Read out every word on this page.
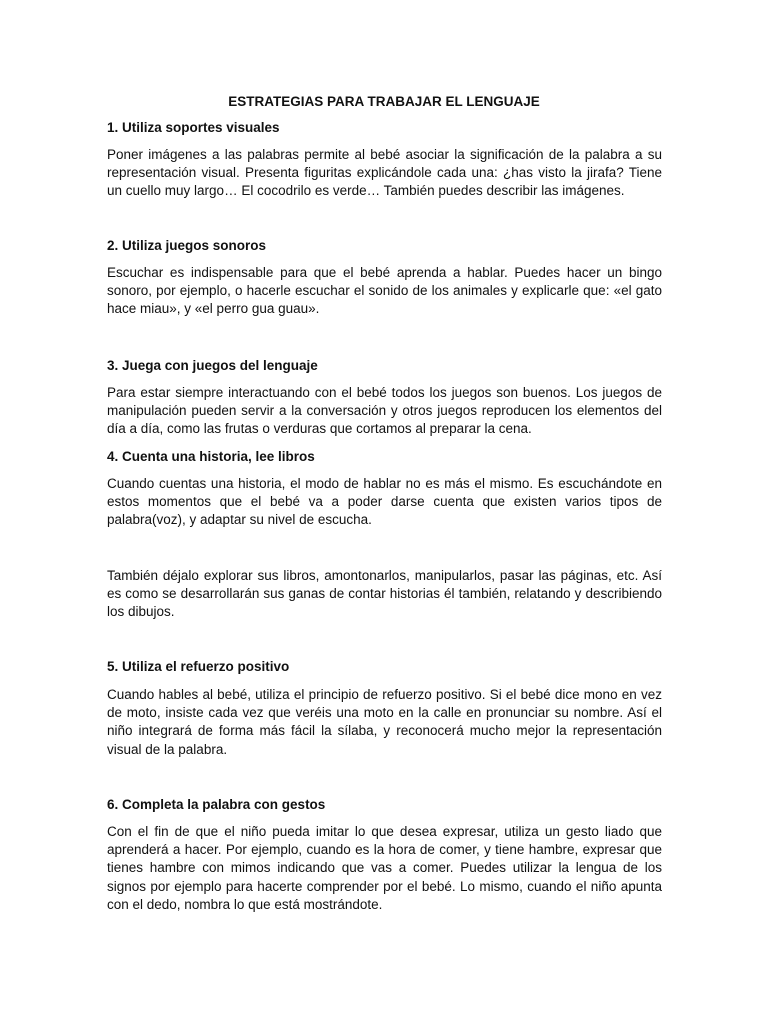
ESTRATEGIAS PARA TRABAJAR EL LENGUAJE
1. Utiliza soportes visuales

Poner imágenes a las palabras permite al bebé asociar la significación de la palabra a su representación visual. Presenta figuritas explicándole cada una: ¿has visto la jirafa? Tiene un cuello muy largo… El cocodrilo es verde… También puedes describir las imágenes.

2. Utiliza juegos sonoros

Escuchar es indispensable para que el bebé aprenda a hablar. Puedes hacer un bingo sonoro, por ejemplo, o hacerle escuchar el sonido de los animales y explicarle que: «el gato hace miau», y «el perro gua guau».

3. Juega con juegos del lenguaje

Para estar siempre interactuando con el bebé todos los juegos son buenos. Los juegos de manipulación pueden servir a la conversación y otros juegos reproducen los elementos del día a día, como las frutas o verduras que cortamos al preparar la cena.

4. Cuenta una historia, lee libros

Cuando cuentas una historia, el modo de hablar no es más el mismo. Es escuchándote en estos momentos que el bebé va a poder darse cuenta que existen varios tipos de palabra(voz), y adaptar su nivel de escucha.

También déjalo explorar sus libros, amontonarlos, manipularlos, pasar las páginas, etc. Así es como se desarrollarán sus ganas de contar historias él también, relatando y describiendo los dibujos.

5. Utiliza el refuerzo positivo

Cuando hables al bebé, utiliza el principio de refuerzo positivo. Si el bebé dice mono en vez de moto, insiste cada vez que veréis una moto en la calle en pronunciar su nombre. Así el niño integrará de forma más fácil la sílaba, y reconocerá mucho mejor la representación visual de la palabra.

6. Completa la palabra con gestos

Con el fin de que el niño pueda imitar lo que desea expresar, utiliza un gesto liado que aprenderá a hacer. Por ejemplo, cuando es la hora de comer, y tiene hambre, expresar que tienes hambre con mimos indicando que vas a comer. Puedes utilizar la lengua de los signos por ejemplo para hacerte comprender por el bebé. Lo mismo, cuando el niño apunta con el dedo, nombra lo que está mostrándote.
